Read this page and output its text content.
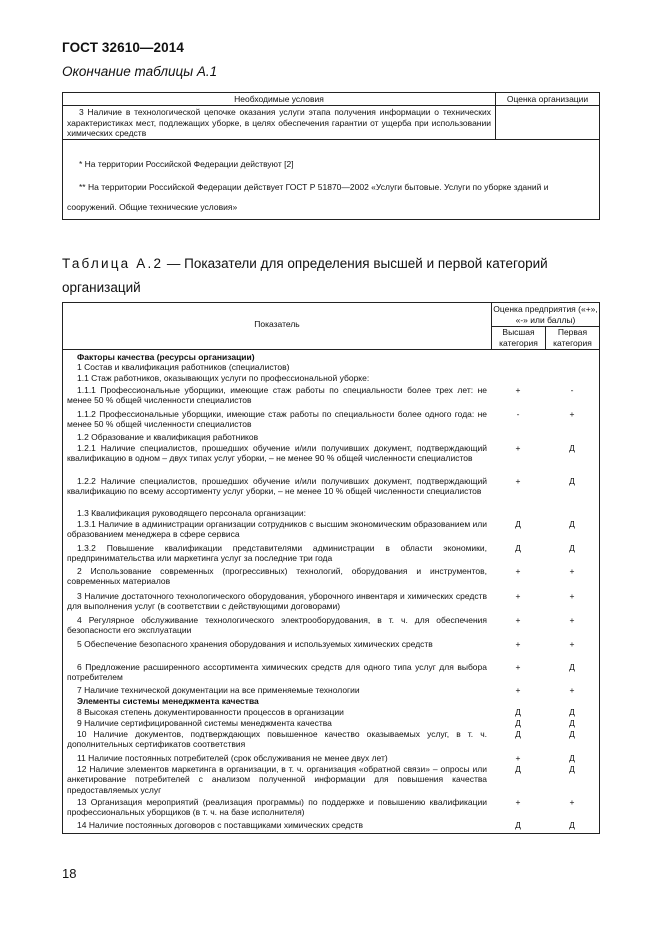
ГОСТ 32610—2014
Окончание таблицы А.1
Необходимые условия	Оценка организации
3 Наличие в технологической цепочке оказания услуги этапа получения информации о технических характеристиках мест, подлежащих уборке, в целях обеспечения гарантии от ущерба при использовании химических средств
* На территории Российской Федерации действуют [2]
** На территории Российской Федерации действует ГОСТ Р 51870—2002 «Услуги бытовые. Услуги по уборке зданий и сооружений. Общие технические условия»
Таблица А.2 — Показатели для определения высшей и первой категорий организаций
Показатель
Оценка предприятия («+», «-» или баллы)
Высшая категория
Первая категория
Факторы качества (ресурсы организации)
1 Состав и квалификация работников (специалистов)
1.1 Стаж работников, оказывающих услуги по профессиональной уборке:
1.1.1 Профессиональные уборщики, имеющие стаж работы по специальности более трех лет: не менее 50 % общей численности специалистов
+	-
1.1.2 Профессиональные уборщики, имеющие стаж работы по специальности более одного года: не менее 50 % общей численности специалистов
-	+
1.2 Образование и квалификация работников
1.2.1 Наличие специалистов, прошедших обучение и/или получивших документ, подтверждающий квалификацию в одном – двух типах услуг уборки, – не менее 90 % общей численности специалистов
+	Д
1.2.2 Наличие специалистов, прошедших обучение и/или получивших документ, подтверждающий квалификацию по всему ассортименту услуг уборки, – не менее 10 % общей численности специалистов
+	Д
1.3 Квалификация руководящего персонала организации:
1.3.1 Наличие в администрации организации сотрудников с высшим экономическим образованием или образованием менеджера в сфере сервиса
Д	Д
1.3.2 Повышение квалификации представителями администрации в области экономики, предпринимательства или маркетинга услуг за последние три года
Д	Д
2 Использование современных (прогрессивных) технологий, оборудования и инструментов, современных материалов
+	+
3 Наличие достаточного технологического оборудования, уборочного инвентаря и химических средств для выполнения услуг (в соответствии с действующими договорами)
+	+
4 Регулярное обслуживание технологического электрооборудования, в т. ч. для обеспечения безопасности его эксплуатации
+	+
5 Обеспечение безопасного хранения оборудования и используемых химических средств	+	+
6 Предложение расширенного ассортимента химических средств для одного типа услуг для выбора потребителем
+	Д
7 Наличие технической документации на все применяемые технологии	+	+
Элементы системы менеджмента качества
8 Высокая степень документированности процессов в организации	Д	Д
9 Наличие сертифицированной системы менеджмента качества	Д	Д
10 Наличие документов, подтверждающих повышенное качество оказываемых услуг, в т. ч. дополнительных сертификатов соответствия
Д	Д
11 Наличие постоянных потребителей (срок обслуживания не менее двух лет)	+	Д
12 Наличие элементов маркетинга в организации, в т. ч. организация «обратной связи» – опросы или анкетирование потребителей с анализом полученной информации для повышения качества предоставляемых услуг
Д	Д
13 Организация мероприятий (реализация программы) по поддержке и повышению квалификации профессиональных уборщиков (в т. ч. на базе исполнителя)
+	+
14 Наличие постоянных договоров с поставщиками химических средств	Д	Д
18
